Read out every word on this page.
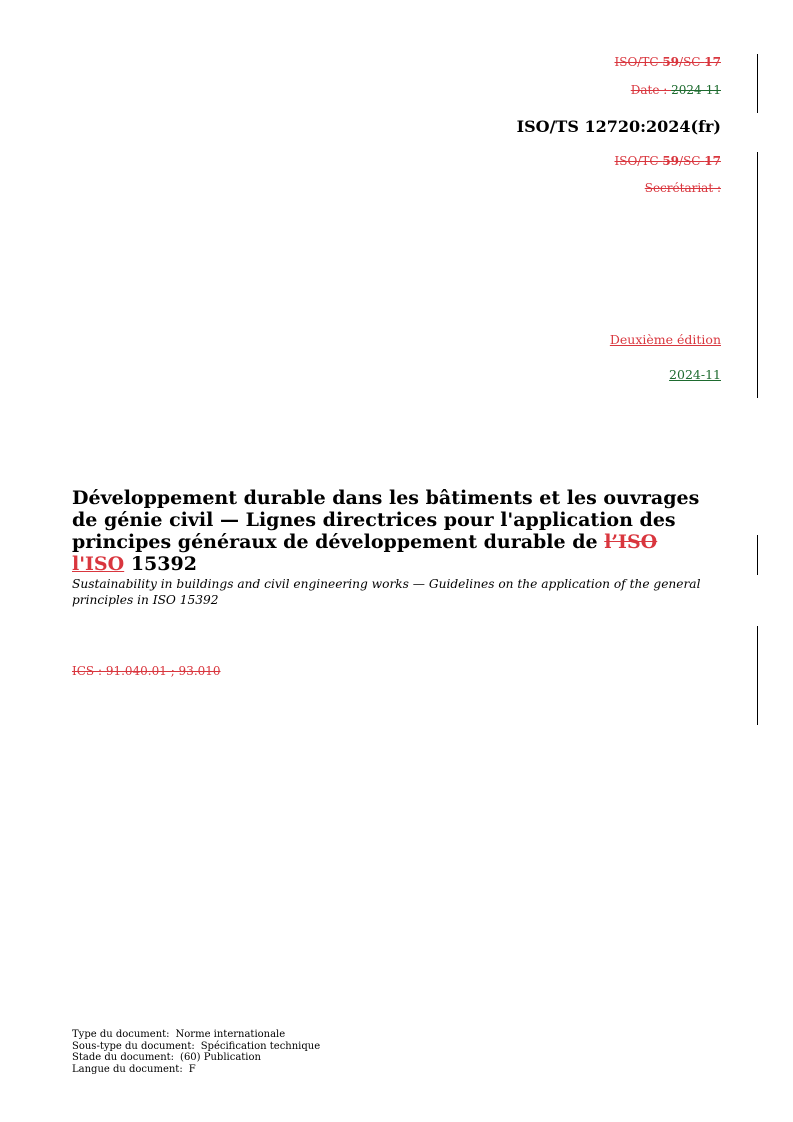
ISO/TC 59/SC 17
Date : 2024-11
ISO/TS 12720:2024(fr)
ISO/TC 59/SC 17
Secrétariat :
Deuxième édition
2024-11
Développement durable dans les bâtiments et les ouvrages de génie civil — Lignes directrices pour l'application des principes généraux de développement durable de l’ISO l'ISO 15392

Sustainability in buildings and civil engineering works — Guidelines on the application of the general principles in ISO 15392

ICS : 91.040.01 ; 93.010
Type du document: Norme internationale
Sous-type du document: Spécification technique
Stade du document: (60) Publication
Langue du document: F
